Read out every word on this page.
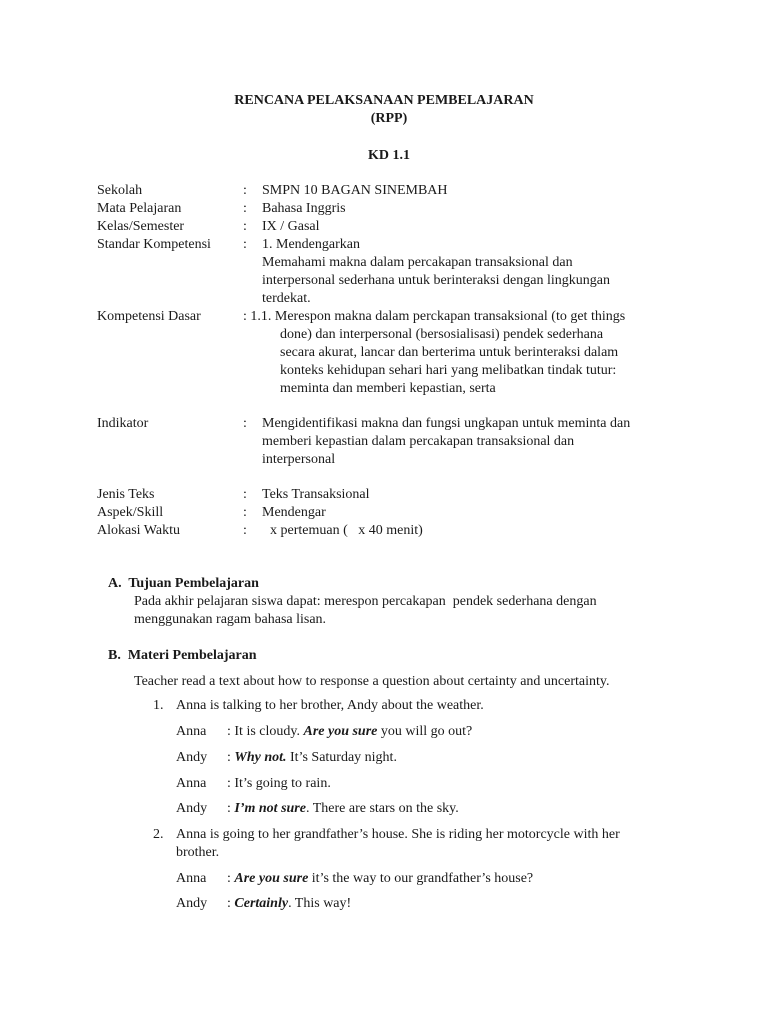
RENCANA PELAKSANAAN PEMBELAJARAN
(RPP)
KD 1.1
Sekolah	: SMPN 10 BAGAN SINEMBAH
Mata Pelajaran	: Bahasa Inggris
Kelas/Semester	: IX / Gasal
Standar Kompetensi : 1. Mendengarkan
Memahami makna dalam percakapan transaksional dan
interpersonal sederhana untuk berinteraksi dengan lingkungan
terdekat.
Kompetensi Dasar	: 1.1. Merespon makna dalam perckapan transaksional (to get things
done) dan interpersonal (bersosialisasi) pendek sederhana
secara akurat, lancar dan berterima untuk berinteraksi dalam
konteks kehidupan sehari hari yang melibatkan tindak tutur:
meminta dan memberi kepastian, serta
Indikator	: Mengidentifikasi makna dan fungsi ungkapan untuk meminta dan
memberi kepastian dalam percakapan transaksional dan
interpersonal
Jenis Teks	: Teks Transaksional
Aspek/Skill	: Mendengar
Alokasi Waktu	: x pertemuan (   x 40 menit)
A.  Tujuan Pembelajaran
Pada akhir pelajaran siswa dapat: merespon percakapan  pendek sederhana dengan
menggunakan ragam bahasa lisan.
B.  Materi Pembelajaran
Teacher read a text about how to response a question about certainty and uncertainty.
1. Anna is talking to her brother, Andy about the weather.
Anna : It is cloudy. Are you sure you will go out?
Andy : Why not. It’s Saturday night.
Anna : It’s going to rain.
Andy : I’m not sure. There are stars on the sky.
2. Anna is going to her grandfather’s house. She is riding her motorcycle with her
brother.
Anna : Are you sure it’s the way to our grandfather’s house?
Andy : Certainly. This way!
